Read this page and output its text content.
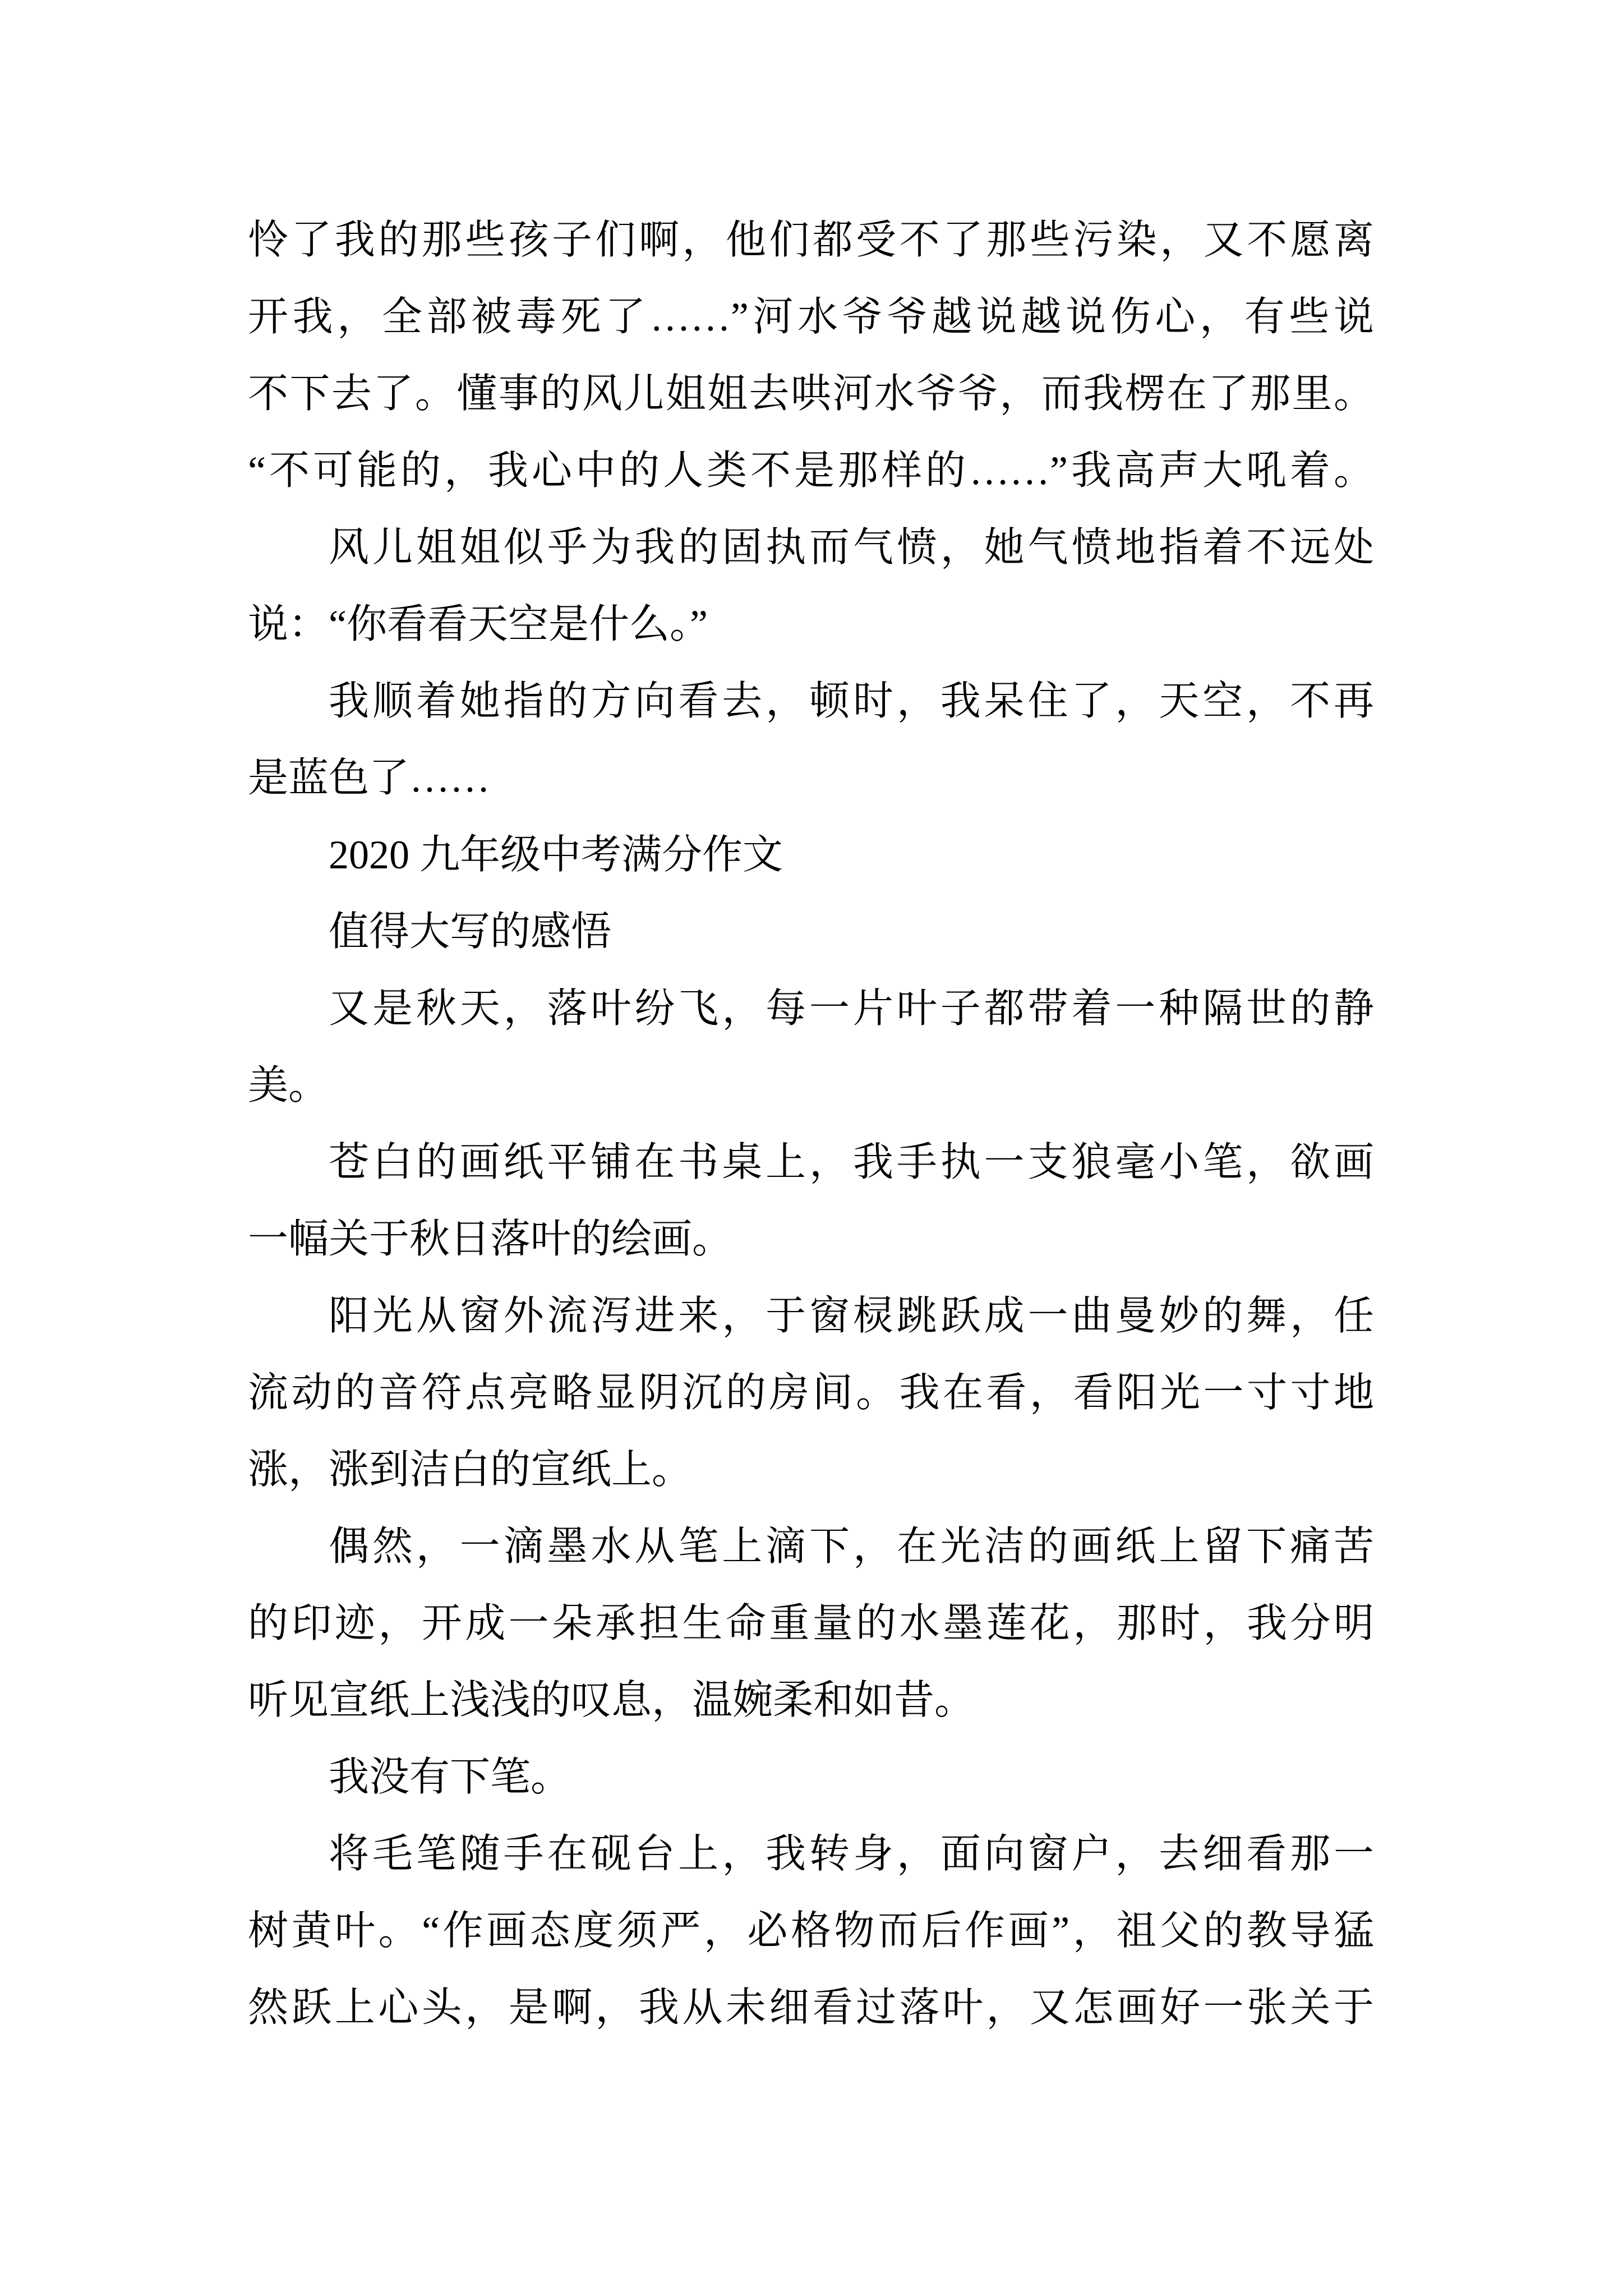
怜了我的那些孩子们啊，他们都受不了那些污染，又不愿离
开我，全部被毒死了……”河水爷爷越说越说伤心，有些说
不下去了。懂事的风儿姐姐去哄河水爷爷，而我楞在了那里。
“不可能的，我心中的人类不是那样的……”我高声大吼着。
风儿姐姐似乎为我的固执而气愤，她气愤地指着不远处
说：“你看看天空是什么。”
我顺着她指的方向看去，顿时，我呆住了，天空，不再
是蓝色了……
2020 九年级中考满分作文
值得大写的感悟
又是秋天，落叶纷飞，每一片叶子都带着一种隔世的静
美。
苍白的画纸平铺在书桌上，我手执一支狼毫小笔，欲画
一幅关于秋日落叶的绘画。
阳光从窗外流泻进来，于窗棂跳跃成一曲曼妙的舞，任
流动的音符点亮略显阴沉的房间。我在看，看阳光一寸寸地
涨，涨到洁白的宣纸上。
偶然，一滴墨水从笔上滴下，在光洁的画纸上留下痛苦
的印迹，开成一朵承担生命重量的水墨莲花，那时，我分明
听见宣纸上浅浅的叹息，温婉柔和如昔。
我没有下笔。
将毛笔随手在砚台上，我转身，面向窗户，去细看那一
树黄叶。“作画态度须严，必格物而后作画”，祖父的教导猛
然跃上心头，是啊，我从未细看过落叶，又怎画好一张关于
